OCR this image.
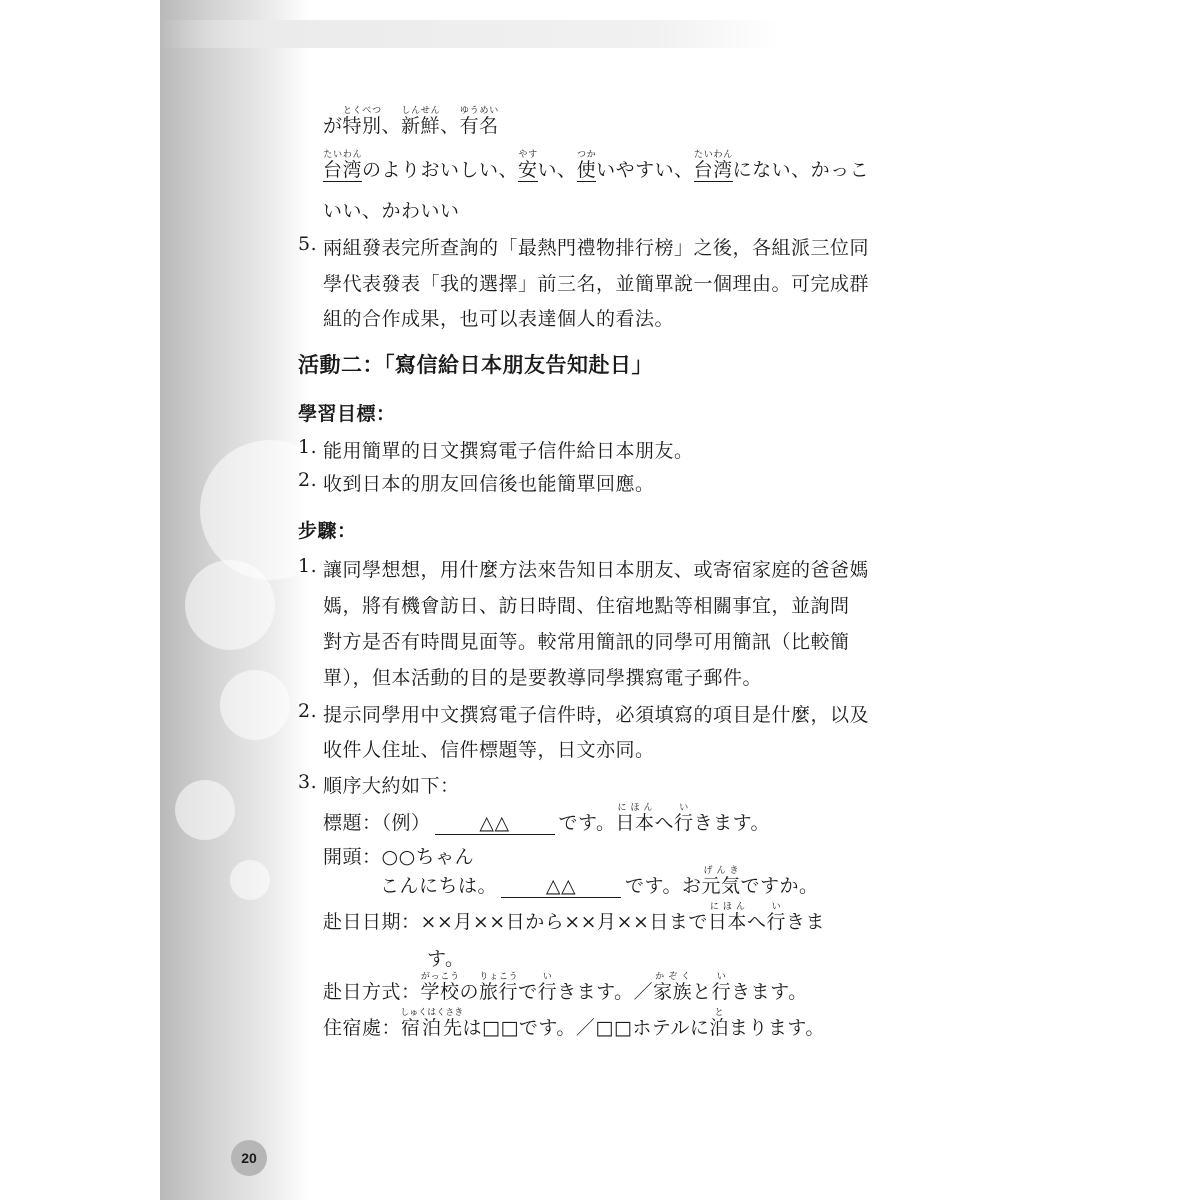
20
が特別とくべつ、新鮮しんせん、有名ゆうめい
台湾たいわんのよりおいしい、安やすい、使つかいやすい、台湾たいわんにない、かっこ
いい、かわいい
5. 兩組發表完所查詢的「最熱門禮物排行榜」之後，各組派三位同
學代表發表「我的選擇」前三名，並簡單說一個理由。可完成群
組的合作成果，也可以表達個人的看法。
活動二：「寫信給日本朋友告知赴日」
學習目標：
1. 能用簡單的日文撰寫電子信件給日本朋友。
2. 收到日本的朋友回信後也能簡單回應。
步驟：
1. 讓同學想想，用什麼方法來告知日本朋友、或寄宿家庭的爸爸媽
媽，將有機會訪日、訪日時間、住宿地點等相關事宜，並詢問
對方是否有時間見面等。較常用簡訊的同學可用簡訊（比較簡
單），但本活動的目的是要教導同學撰寫電子郵件。
2. 提示同學用中文撰寫電子信件時，必須填寫的項目是什麼，以及
收件人住址、信件標題等，日文亦同。
3. 順序大約如下：
標題：（例）	△△	です。日本にほんへ行いきます。
開頭：○○ちゃん
こんにちは。	△△	です。お元気げんきですか。
赴日日期：××月××日から××月××日まで日本にほんへ行いきま
す。
赴日方式：学校がっこうの旅行りょこうで行いきます。／家族かぞくと行いきます。
住宿處：宿泊先しゅくはくさきは□□です。／□□ホテルに泊とまります。
